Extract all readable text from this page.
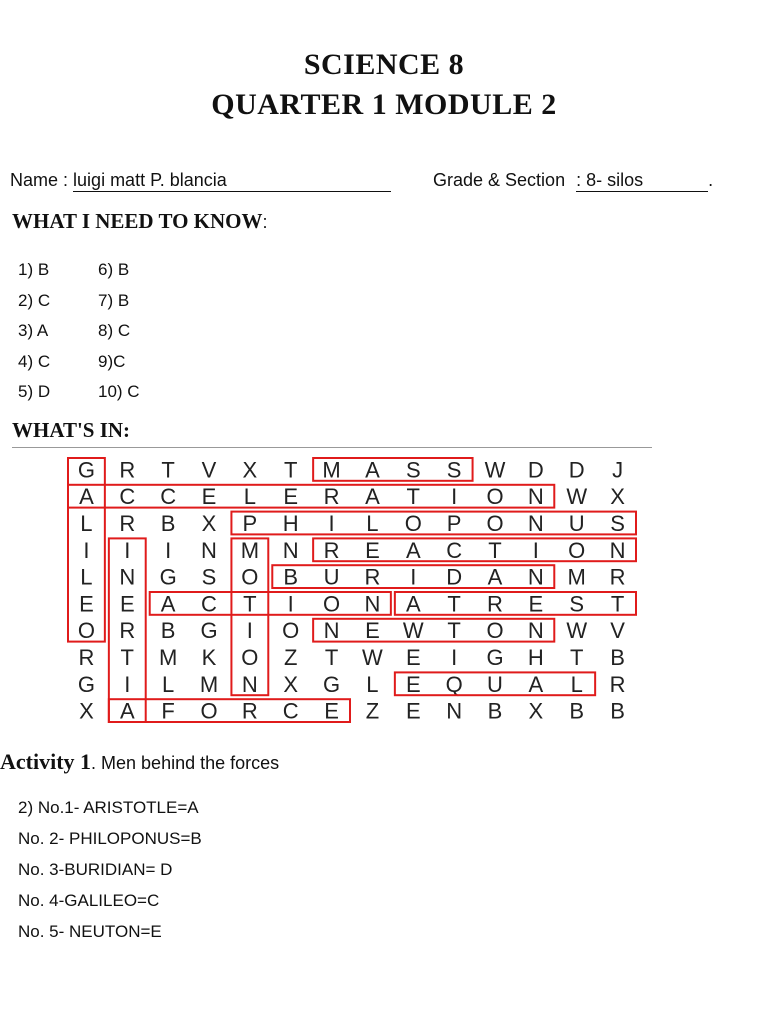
SCIENCE 8
QUARTER 1 MODULE 2
Name : luigi matt P. blancia	Grade & Section : 8- silos	.
WHAT I NEED TO KNOW:
1) B	6) B
2) C	7) B
3) A	8) C
4) C	9)C
5) D	10) C
WHAT'S IN:
G R T V X T M A S S W D D J
A C C E L E R A T I O N W X
L R B X P H I L O P O N U S
I I I N M N R E A C T I O N
L N G S O B U R I D A N M R
E E A C T I O N A T R E S T
O R B G I O N E W T O N W V
R T M K O Z T W E I G H T B
G I L M N X G L E Q U A L R
X A F O R C E Z E N B X B B
Activity 1. Men behind the forces
2) No.1- ARISTOTLE=A
No. 2- PHILOPONUS=B
No. 3-BURIDIAN= D
No. 4-GALILEO=C
No. 5- NEUTON=E
